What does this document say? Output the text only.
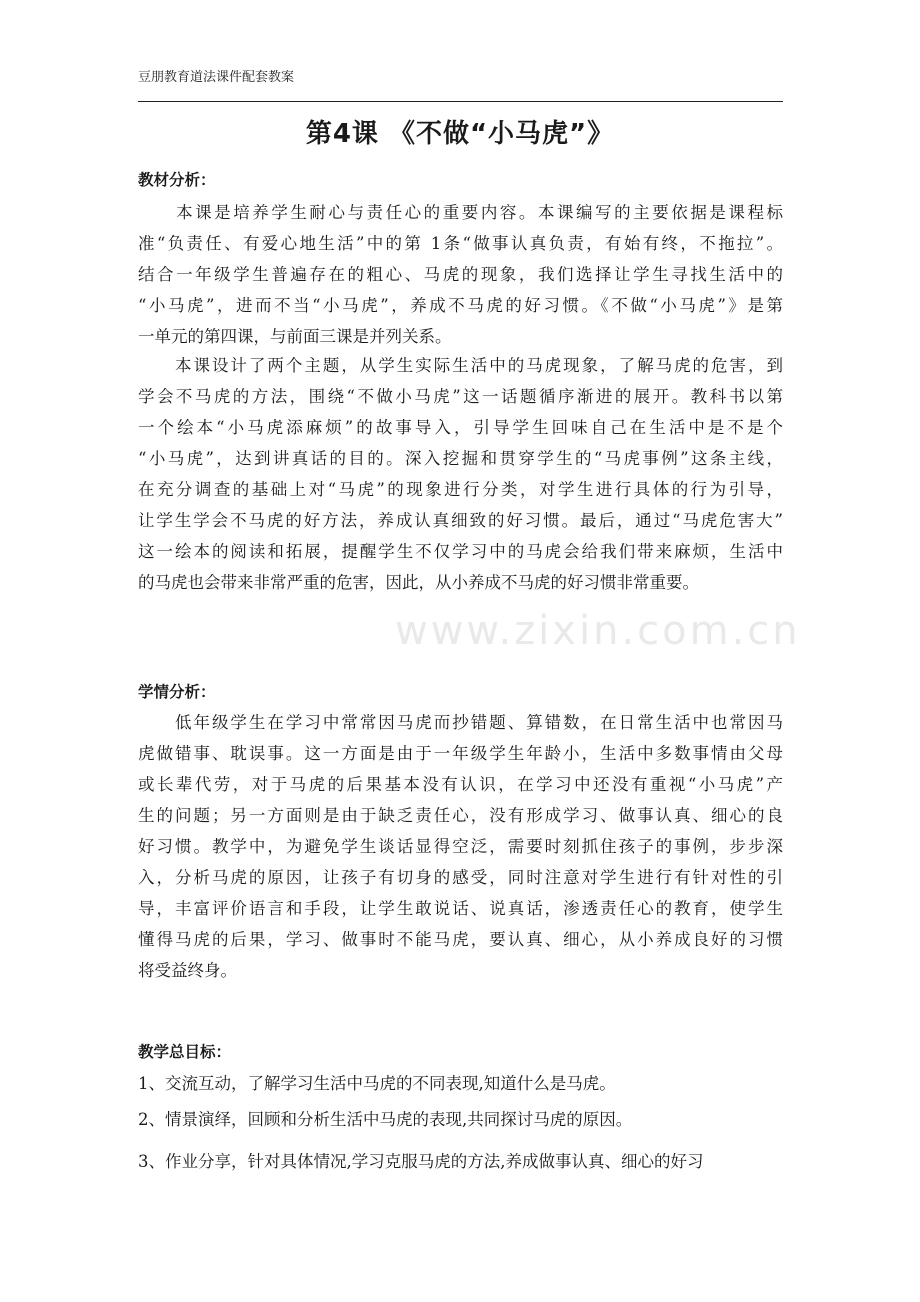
www.zixin.com.cn
豆朋教育道法课件配套教案
第4课 《不做“小马虎”》
教材分析：
　　本课是培养学生耐心与责任心的重要内容。本课编写的主要依据是课程标
准“负责任、有爱心地生活”中的第 1条“做事认真负责，有始有终，不拖拉”。
结合一年级学生普遍存在的粗心、马虎的现象，我们选择让学生寻找生活中的
“小马虎”，进而不当“小马虎”，养成不马虎的好习惯。《不做“小马虎”》是第
一单元的第四课，与前面三课是并列关系。
　　本课设计了两个主题，从学生实际生活中的马虎现象，了解马虎的危害，到
学会不马虎的方法，围绕“不做小马虎”这一话题循序渐进的展开。教科书以第
一个绘本“小马虎添麻烦”的故事导入，引导学生回味自己在生活中是不是个
“小马虎”，达到讲真话的目的。深入挖掘和贯穿学生的“马虎事例”这条主线，
在充分调查的基础上对“马虎”的现象进行分类，对学生进行具体的行为引导，
让学生学会不马虎的好方法，养成认真细致的好习惯。最后，通过“马虎危害大”
这一绘本的阅读和拓展，提醒学生不仅学习中的马虎会给我们带来麻烦，生活中
的马虎也会带来非常严重的危害，因此，从小养成不马虎的好习惯非常重要。
学情分析：
　　低年级学生在学习中常常因马虎而抄错题、算错数，在日常生活中也常因马
虎做错事、耽误事。这一方面是由于一年级学生年龄小，生活中多数事情由父母
或长辈代劳，对于马虎的后果基本没有认识，在学习中还没有重视“小马虎”产
生的问题；另一方面则是由于缺乏责任心，没有形成学习、做事认真、细心的良
好习惯。教学中，为避免学生谈话显得空泛，需要时刻抓住孩子的事例，步步深
入，分析马虎的原因，让孩子有切身的感受，同时注意对学生进行有针对性的引
导，丰富评价语言和手段，让学生敢说话、说真话，渗透责任心的教育，使学生
懂得马虎的后果，学习、做事时不能马虎，要认真、细心，从小养成良好的习惯
将受益终身。
教学总目标：
1、交流互动，了解学习生活中马虎的不同表现,知道什么是马虎。
2、情景演绎，回顾和分析生活中马虎的表现,共同探讨马虎的原因。
3、作业分享，针对具体情况,学习克服马虎的方法,养成做事认真、细心的好习
